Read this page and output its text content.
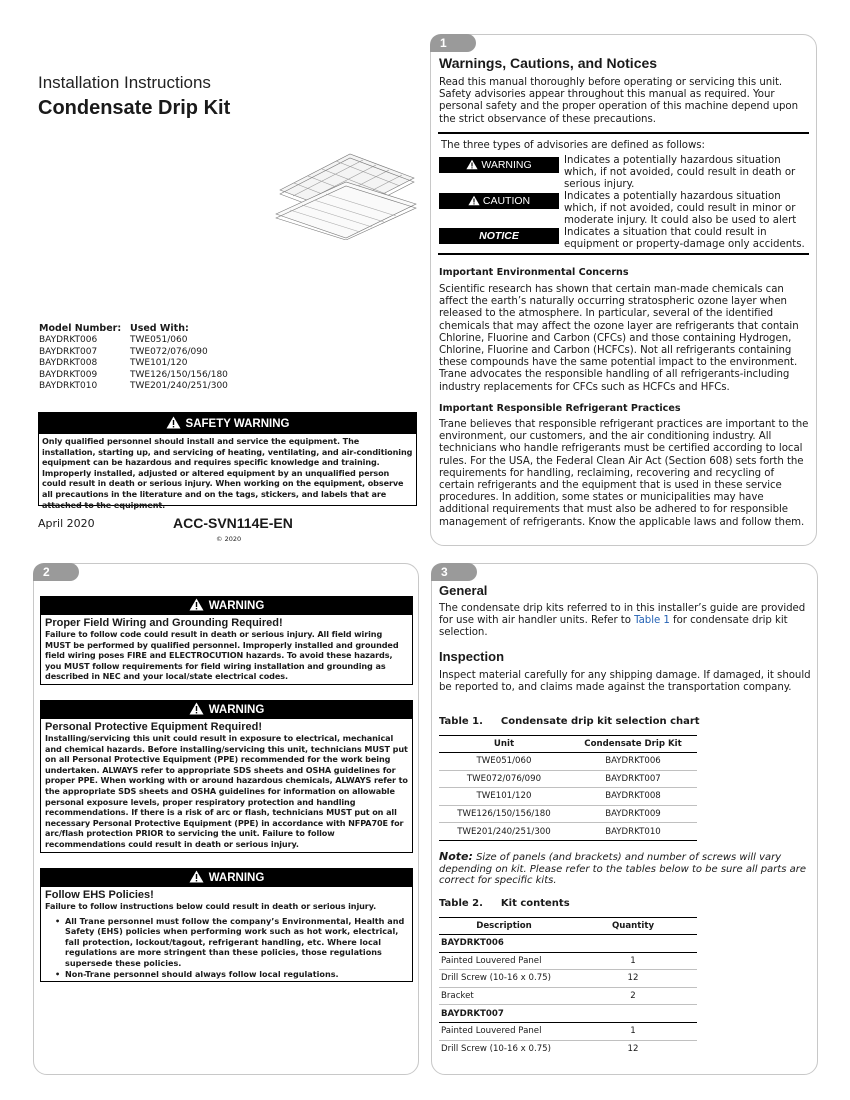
Installation Instructions
Condensate Drip Kit
Model Number:	Used With:
BAYDRKT006	TWE051/060
BAYDRKT007	TWE072/076/090
BAYDRKT008	TWE101/120
BAYDRKT009	TWE126/150/156/180
BAYDRKT010	TWE201/240/251/300
SAFETY WARNING
Only qualified personnel should install and service the equipment. The installation, starting up, and servicing of heating, ventilating, and air-conditioning equipment can be hazardous and requires specific knowledge and training. Improperly installed, adjusted or altered equipment by an unqualified person could result in death or serious injury. When working on the equipment, observe all precautions in the literature and on the tags, stickers, and labels that are attached to the equipment.
April 2020	ACC-SVN114E-EN
© 2020
1
Warnings, Cautions, and Notices
Read this manual thoroughly before operating or servicing this unit. Safety advisories appear throughout this manual as required. Your personal safety and the proper operation of this machine depend upon the strict observance of these precautions.
The three types of advisories are defined as follows:
WARNING	Indicates a potentially hazardous situation which, if not avoided, could result in death or serious injury.
CAUTION	Indicates a potentially hazardous situation which, if not avoided, could result in minor or moderate injury. It could also be used to alert
NOTICE	Indicates a situation that could result in equipment or property-damage only accidents.
Important Environmental Concerns
Scientific research has shown that certain man-made chemicals can affect the earth’s naturally occurring stratospheric ozone layer when released to the atmosphere. In particular, several of the identified chemicals that may affect the ozone layer are refrigerants that contain Chlorine, Fluorine and Carbon (CFCs) and those containing Hydrogen, Chlorine, Fluorine and Carbon (HCFCs). Not all refrigerants containing these compounds have the same potential impact to the environment. Trane advocates the responsible handling of all refrigerants-including industry replacements for CFCs such as HCFCs and HFCs.
Important Responsible Refrigerant Practices
Trane believes that responsible refrigerant practices are important to the environment, our customers, and the air conditioning industry. All technicians who handle refrigerants must be certified according to local rules. For the USA, the Federal Clean Air Act (Section 608) sets forth the requirements for handling, reclaiming, recovering and recycling of certain refrigerants and the equipment that is used in these service procedures. In addition, some states or municipalities may have additional requirements that must also be adhered to for responsible management of refrigerants. Know the applicable laws and follow them.
2
WARNING
Proper Field Wiring and Grounding Required!
Failure to follow code could result in death or serious injury. All field wiring MUST be performed by qualified personnel. Improperly installed and grounded field wiring poses FIRE and ELECTROCUTION hazards. To avoid these hazards, you MUST follow requirements for field wiring installation and grounding as described in NEC and your local/state electrical codes.
WARNING
Personal Protective Equipment Required!
Installing/servicing this unit could result in exposure to electrical, mechanical and chemical hazards. Before installing/servicing this unit, technicians MUST put on all Personal Protective Equipment (PPE) recommended for the work being undertaken. ALWAYS refer to appropriate SDS sheets and OSHA guidelines for proper PPE. When working with or around hazardous chemicals, ALWAYS refer to the appropriate SDS sheets and OSHA guidelines for information on allowable personal exposure levels, proper respiratory protection and handling recommendations. If there is a risk of arc or flash, technicians MUST put on all necessary Personal Protective Equipment (PPE) in accordance with NFPA70E for arc/flash protection PRIOR to servicing the unit. Failure to follow recommendations could result in death or serious injury.
WARNING
Follow EHS Policies!
Failure to follow instructions below could result in death or serious injury.
• All Trane personnel must follow the company’s Environmental, Health and Safety (EHS) policies when performing work such as hot work, electrical, fall protection, lockout/tagout, refrigerant handling, etc. Where local regulations are more stringent than these policies, those regulations supersede these policies.
• Non-Trane personnel should always follow local regulations.
3
General
The condensate drip kits referred to in this installer’s guide are provided for use with air handler units. Refer to Table 1 for condensate drip kit selection.
Inspection
Inspect material carefully for any shipping damage. If damaged, it should be reported to, and claims made against the transportation company.
Table 1. Condensate drip kit selection chart
Unit	Condensate Drip Kit
TWE051/060	BAYDRKT006
TWE072/076/090	BAYDRKT007
TWE101/120	BAYDRKT008
TWE126/150/156/180	BAYDRKT009
TWE201/240/251/300	BAYDRKT010
Note: Size of panels (and brackets) and number of screws will vary depending on kit. Please refer to the tables below to be sure all parts are correct for specific kits.
Table 2. Kit contents
Description	Quantity
BAYDRKT006	
Painted Louvered Panel	1
Drill Screw (10-16 x 0.75)	12
Bracket	2
BAYDRKT007	
Painted Louvered Panel	1
Drill Screw (10-16 x 0.75)	12
